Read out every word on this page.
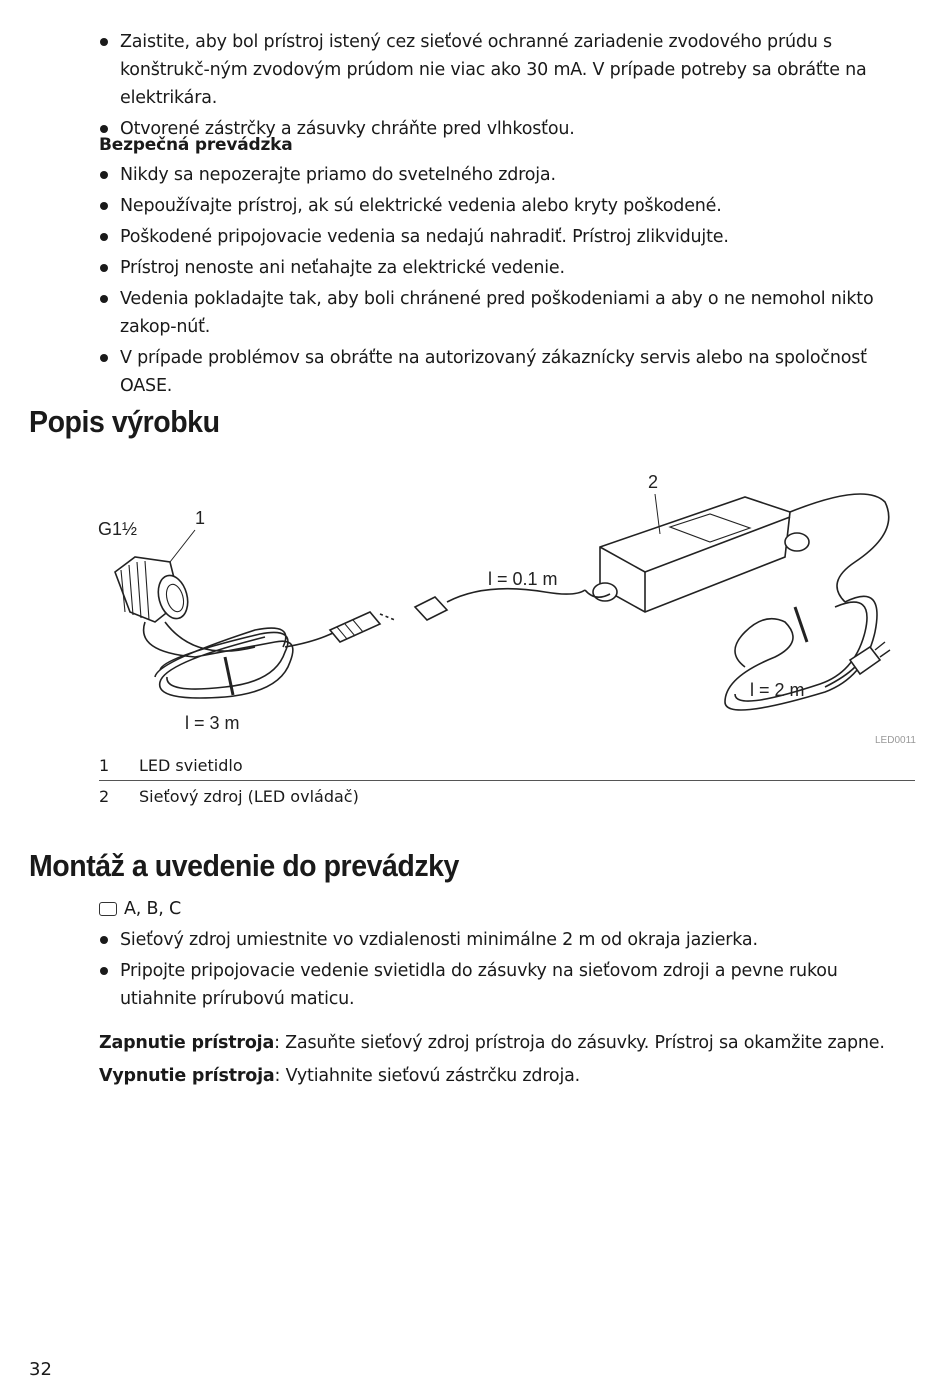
Zaistite, aby bol prístroj istený cez sieťové ochranné zariadenie zvodového prúdu s konštrukč-ným zvodovým prúdom nie viac ako 30 mA. V prípade potreby sa obráťte na elektrikára.
Otvorené zástrčky a zásuvky chráňte pred vlhkosťou.
Bezpečná prevádzka
Nikdy sa nepozerajte priamo do svetelného zdroja.
Nepoužívajte prístroj, ak sú elektrické vedenia alebo kryty poškodené.
Poškodené pripojovacie vedenia sa nedajú nahradiť. Prístroj zlikvidujte.
Prístroj nenoste ani neťahajte za elektrické vedenie.
Vedenia pokladajte tak, aby boli chránené pred poškodeniami a aby o ne nemohol nikto zakop-núť.
V prípade problémov sa obráťte na autorizovaný zákaznícky servis alebo na spoločnosť OASE.
Popis výrobku
G1½
1
2
l = 0.1 m
l = 3 m
l = 2 m
LED0011
1	LED svietidlo
2	Sieťový zdroj (LED ovládač)
Montáž a uvedenie do prevádzky
A, B, C
Sieťový zdroj umiestnite vo vzdialenosti minimálne 2 m od okraja jazierka.
Pripojte pripojovacie vedenie svietidla do zásuvky na sieťovom zdroji a pevne rukou utiahnite prírubovú maticu.
Zapnutie prístroja: Zasuňte sieťový zdroj prístroja do zásuvky. Prístroj sa okamžite zapne.
Vypnutie prístroja: Vytiahnite sieťovú zástrčku zdroja.
32
